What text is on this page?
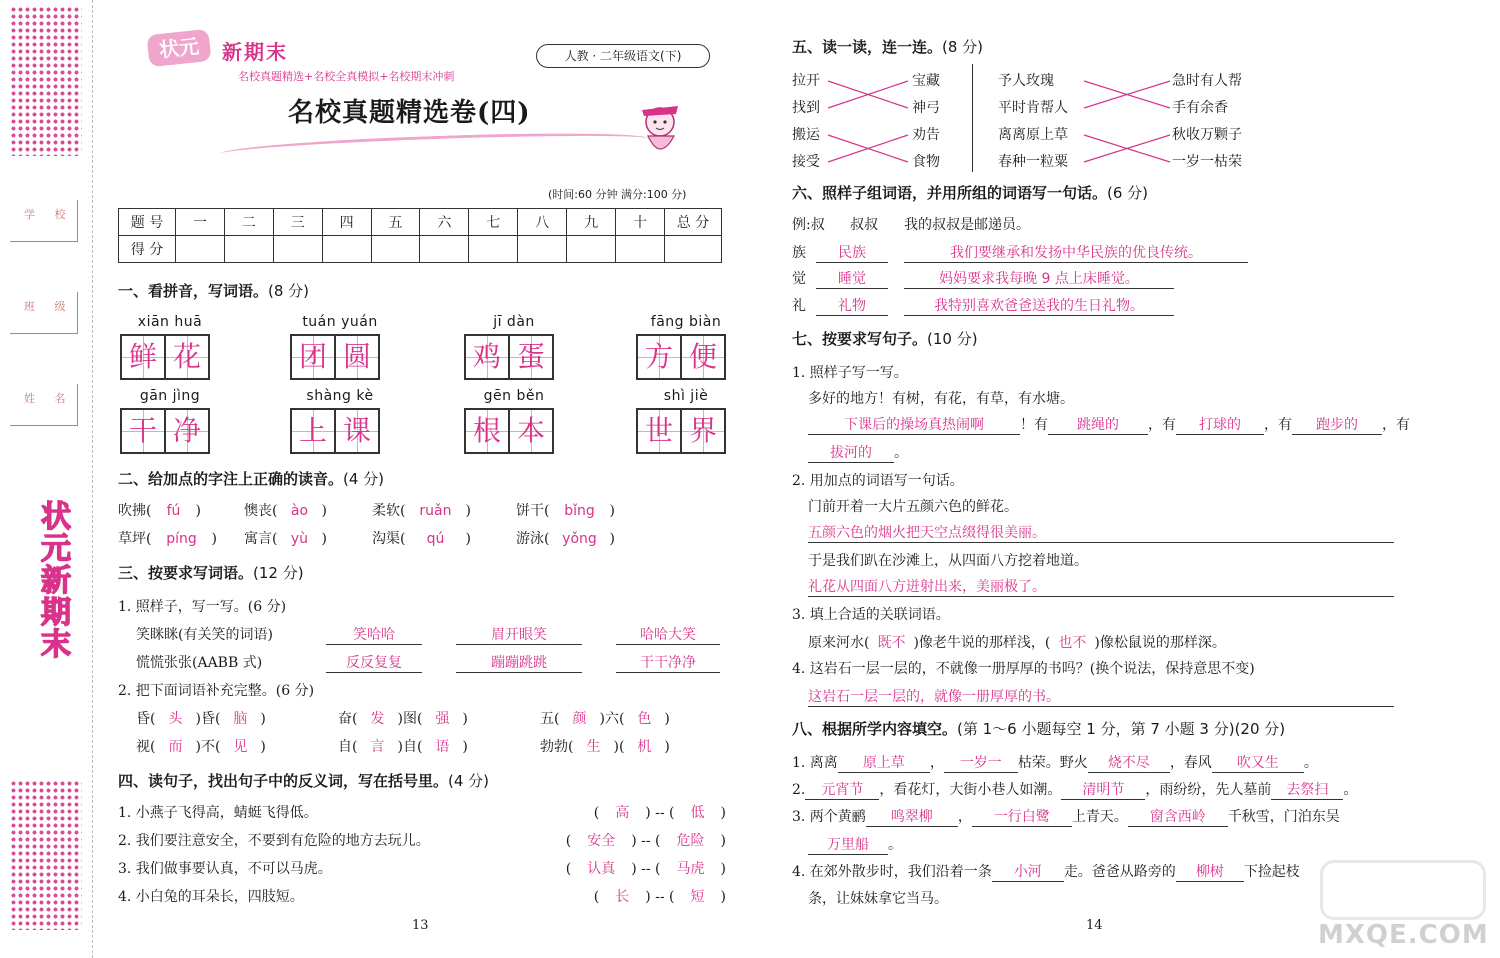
学 校
班 级
姓 名
状元新期末
状元	新期末	人教 · 二年级语文(下)
名校真题精选+名校全真模拟+名校期末冲刺
名校真题精选卷(四)
(时间:60 分钟 满分:100 分)
题 号	一	二	三	四	五	六	七	八	九	十	总 分
得 分											
一、看拼音，写词语。(8 分)
xiān huā
鲜 花
tuán yuán
团 圆
jī dàn
鸡 蛋
fāng biàn
方 便
gān jìng
干 净
shàng kè
上 课
gēn běn
根 本
shì jiè
世 界
二、给加点的字注上正确的读音。(4 分)
吹拂( fú )	懊丧( ào )	柔软( ruǎn )	饼干( bǐng )
草坪( píng ) 寓言( yù )	沟渠( qú )	游泳( yǒng )
三、按要求写词语。(12 分)
1. 照样子，写一写。(6 分)
笑眯眯(有关笑的词语)	笑哈哈	眉开眼笑	哈哈大笑
慌慌张张(AABB 式)	反反复复	蹦蹦跳跳	干干净净
2. 把下面词语补充完整。(6 分)
昏( 头 )昏( 脑 )	奋( 发 )图( 强 )	五( 颜 )六( 色 )
视( 而 )不( 见 )	自( 言 )自( 语 )	勃勃( 生 )( 机 )
四、读句子，找出句子中的反义词，写在括号里。(4 分)
1. 小燕子飞得高，蜻蜓飞得低。	( 高 ) -- ( 低 )
2. 我们要注意安全，不要到有危险的地方去玩儿。	( 安全 ) -- ( 危险 )
3. 我们做事要认真，不可以马虎。	( 认真 ) -- ( 马虎 )
4. 小白兔的耳朵长，四肢短。	( 长 ) -- ( 短 )
13
五、读一读，连一连。(8 分)
拉开
找到
搬运
接受
宝藏
神弓
劝告
食物
予人玫瑰
平时肯帮人
离离原上草
春种一粒粟
急时有人帮
手有余香
秋收万颗子
一岁一枯荣
六、照样子组词语，并用所组的词语写一句话。(6 分)
例:叔 叔叔 我的叔叔是邮递员。
族 民族	我们要继承和发扬中华民族的优良传统。
觉 睡觉	妈妈要求我每晚 9 点上床睡觉。
礼 礼物	我特别喜欢爸爸送我的生日礼物。
七、按要求写句子。(10 分)
1. 照样子写一写。
多好的地方！有树，有花，有草，有水塘。
下课后的操场真热闹啊	！有 跳绳的 ，有 打球的 ，有 跑步的 ，有
拔河的 。
2. 用加点的词语写一句话。
门前开着一大片五颜六色的鲜花。
五颜六色的烟火把天空点缀得很美丽。
于是我们趴在沙滩上，从四面八方挖着地道。
礼花从四面八方迸射出来，美丽极了。
3. 填上合适的关联词语。
原来河水( 既不 )像老牛说的那样浅，( 也不 )像松鼠说的那样深。
4. 这岩石一层一层的，不就像一册厚厚的书吗？(换个说法，保持意思不变)
这岩石一层一层的，就像一册厚厚的书。
八、根据所学内容填空。(第 1～6 小题每空 1 分，第 7 小题 3 分)(20 分)
1. 离离 原上草 ， 一岁一 枯荣。野火 烧不尽 ，春风 吹又生 。
2. 元宵节 ，看花灯，大街小巷人如潮。 清明节 ，雨纷纷，先人墓前 去祭扫 。
3. 两个黄鹂 鸣翠柳 ， 一行白鹭 上青天。 窗含西岭 千秋雪，门泊东吴
万里船 。
4. 在郊外散步时，我们沿着一条 小河 走。爸爸从路旁的 柳树 下捡起枝
条，让妹妹拿它当马。
14	MXQE.COM
